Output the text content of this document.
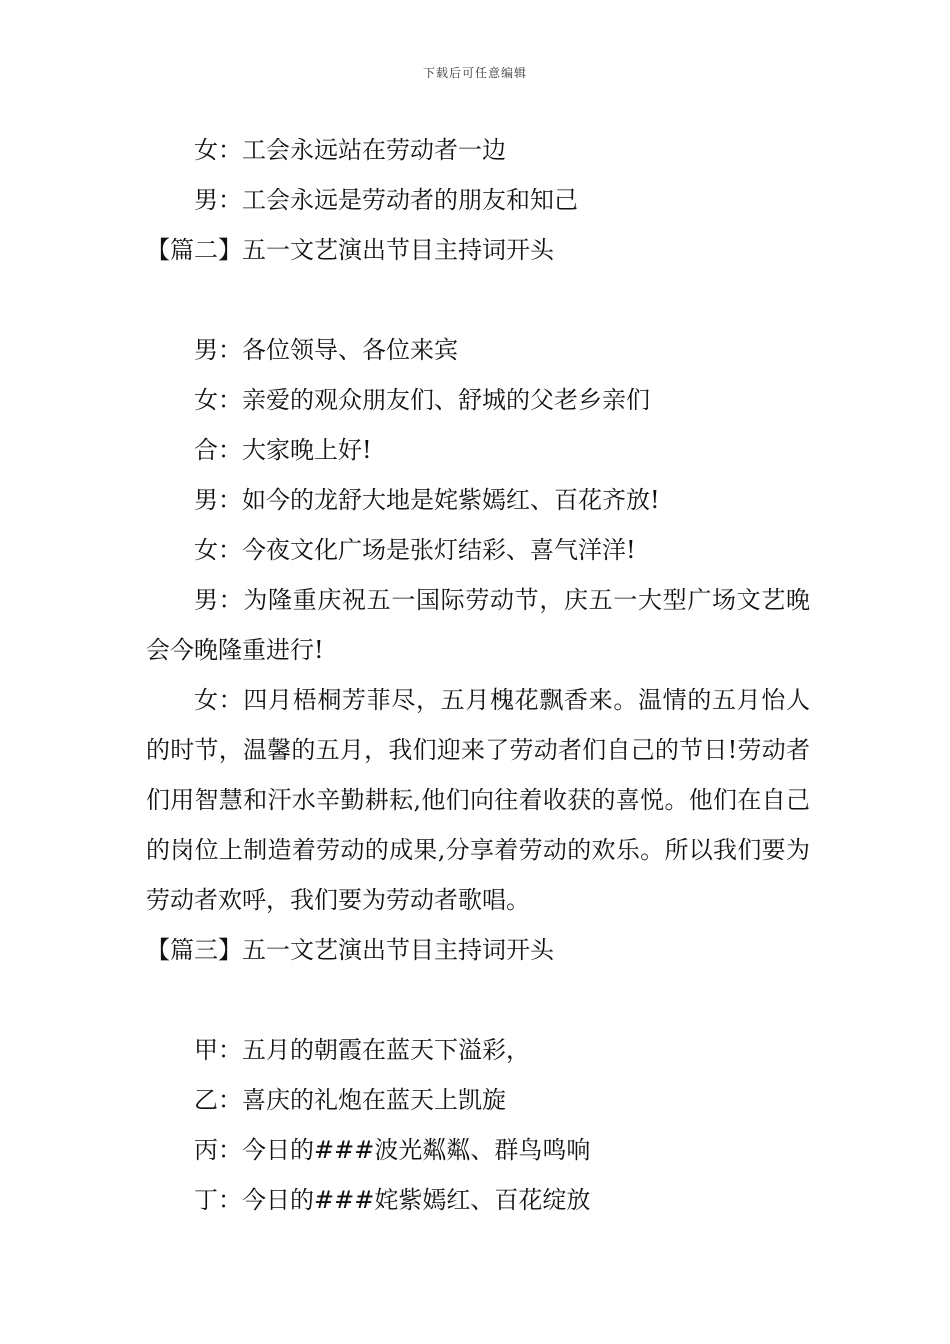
下载后可任意编辑

女：工会永远站在劳动者一边

男：工会永远是劳动者的朋友和知己

【篇二】五一文艺演出节目主持词开头

男：各位领导、各位来宾

女：亲爱的观众朋友们、舒城的父老乡亲们

合：大家晚上好!

男：如今的龙舒大地是姹紫嫣红、百花齐放!

女：今夜文化广场是张灯结彩、喜气洋洋!

男：为隆重庆祝五一国际劳动节，庆五一大型广场文艺晚会今晚隆重进行!

女：四月梧桐芳菲尽，五月槐花飘香来。温情的五月怡人的时节，温馨的五月，我们迎来了劳动者们自己的节日!劳动者们用智慧和汗水辛勤耕耘,他们向往着收获的喜悦。他们在自己的岗位上制造着劳动的成果,分享着劳动的欢乐。所以我们要为劳动者欢呼，我们要为劳动者歌唱。

【篇三】五一文艺演出节目主持词开头

甲：五月的朝霞在蓝天下溢彩，

乙：喜庆的礼炮在蓝天上凯旋

丙：今日的###波光粼粼、群鸟鸣响

丁：今日的###姹紫嫣红、百花绽放
